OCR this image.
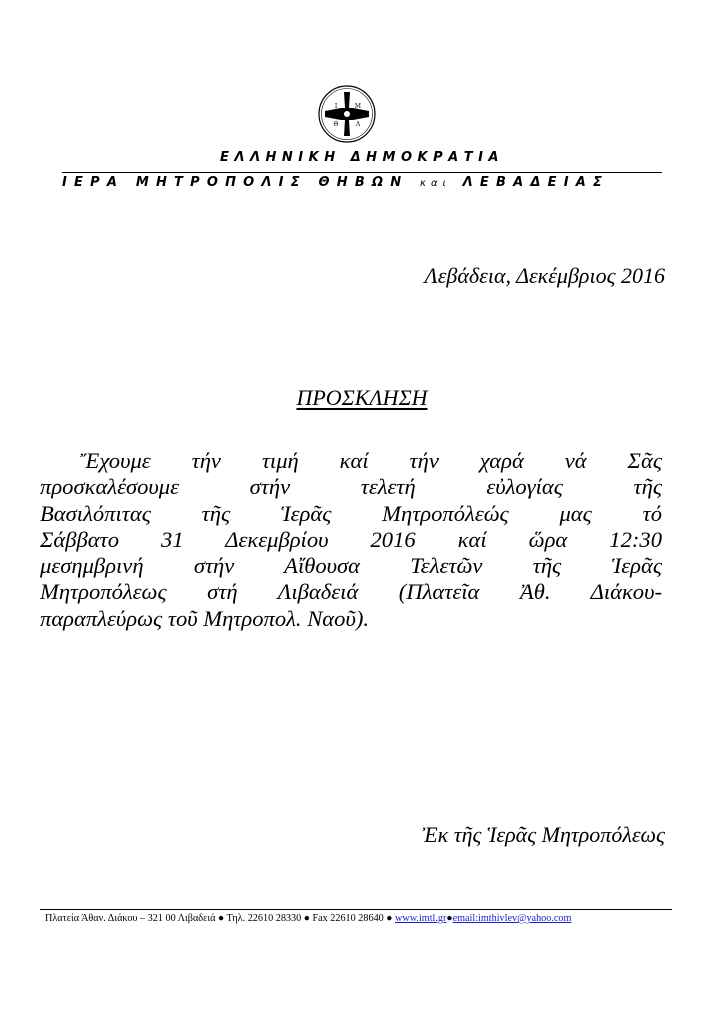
I	M
Θ	Λ
ΕΛΛΗΝΙΚΗ ΔΗΜΟΚΡΑΤΙΑ
ΙΕΡΑ ΜΗΤΡΟΠΟΛΙΣ ΘΗΒΩΝ και ΛΕΒΑΔΕΙΑΣ
Λεβάδεια, Δεκέμβριος 2016
ΠΡΟΣΚΛΗΣΗ
Ἔχουμε τήν τιμή καί τήν χαρά νά Σᾶς
προσκαλέσουμε στήν τελετή εὐλογίας τῆς
Βασιλόπιτας τῆς Ἱερᾶς Μητροπόλεώς μας τό
Σάββατο 31 Δεκεμβρίου 2016 καί ὥρα 12:30
μεσημβρινή στήν Αἴθουσα Τελετῶν τῆς Ἱερᾶς
Μητροπόλεως στή Λιβαδειά (Πλατεῖα Ἀθ. Διάκου-
παραπλεύρως τοῦ Μητροπολ. Ναοῦ).
Ἐκ τῆς Ἱερᾶς Μητροπόλεως
Πλατεία Άθαν. Διάκου – 321 00 Λιβαδειά ● Τηλ. 22610 28330 ● Fax 22610 28640 ● www.imtl.gr●email:imthivlev@yahoo.com
